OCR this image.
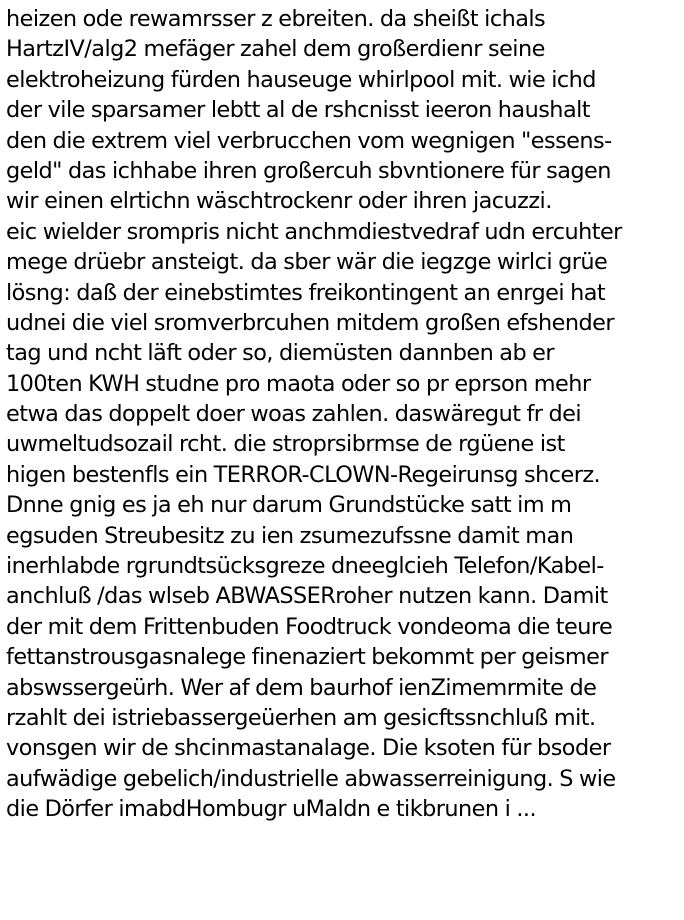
heizen ode rewamrsser z ebreiten. da sheißt ichals
HartzIV/alg2 mefäger zahel dem großerdienr seine
elektroheizung fürden hauseuge whirlpool mit. wie ichd
der vile sparsamer lebtt al de rshcnisst ieeron haushalt
den die extrem viel verbrucchen vom wegnigen "essens-
geld" das ichhabe ihren großercuh sbvntionere für sagen
wir einen elrtichn wäschtrockenr oder ihren jacuzzi.
eic wielder srompris nicht anchmdiestvedraf udn ercuhter
mege drüebr ansteigt. da sber wär die iegzge wirlci grüe
lösng: daß der einebstimtes freikontingent an enrgei hat
udnei die viel sromverbrcuhen mitdem großen efshender
tag und ncht läft oder so, diemüsten dannben ab er
100ten KWH studne pro maota oder so pr eprson mehr
etwa das doppelt doer woas zahlen. daswäregut fr dei
uwmeltudsozail rcht. die stroprsibrmse de rgüene ist
higen bestenfls ein TERROR-CLOWN-Regeirunsg shcerz.
Dnne gnig es ja eh nur darum Grundstücke satt im m
egsuden Streubesitz zu ien zsumezufssne damit man
inerhlabde rgrundtsücksgreze dneeglcieh Telefon/Kabel-
anchluß /das wlseb ABWASSERroher nutzen kann. Damit
der mit dem Frittenbuden Foodtruck vondeoma die teure
fettanstrousgasnalege finenaziert bekommt per geismer
abswssergeürh. Wer af dem baurhof ienZimemrmite de
rzahlt dei istriebassergeüerhen am gesicftssnchluß mit.
vonsgen wir de shcinmastanalage. Die ksoten für bsoder
aufwädige gebelich/industrielle abwasserreinigung. S wie
die Dörfer imabdHombugr uMaldn e tikbrunen i ...
